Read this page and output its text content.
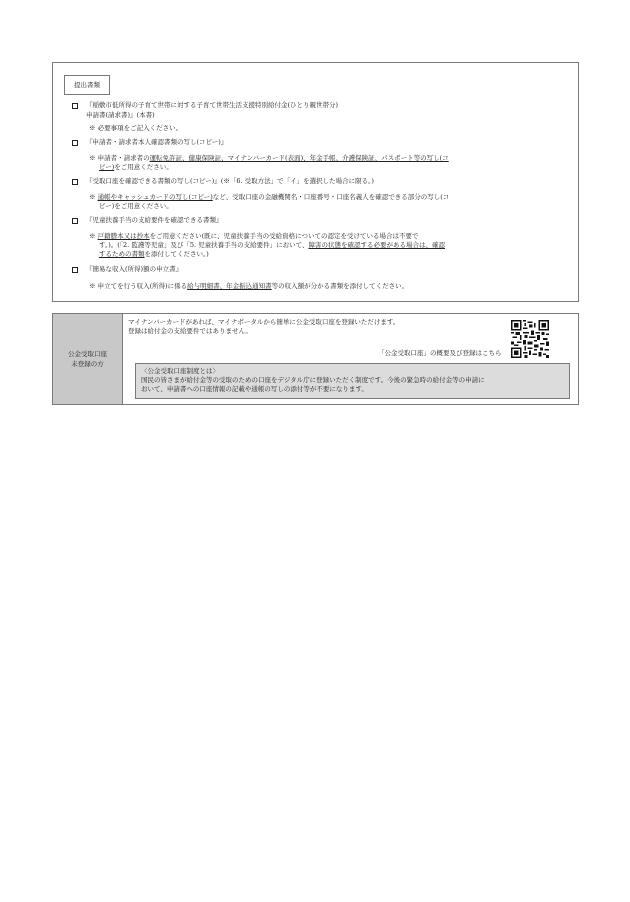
提出書類
『稲敷市低所得の子育て世帯に対する子育て世帯生活支援特別給付金(ひとり親世帯分)
申請書(請求書)』(本書)
※ 必要事項をご記入ください。
『申請者・請求者本人確認書類の写し(コピー)』
※ 申請者・請求者の運転免許証、健康保険証、マイナンバーカード(表面)、年金手帳、介護保険証、パスポート等の写し(コ
ピー)をご用意ください。
『受取口座を確認できる書類の写し(コピー)』(※「6. 受取方法」で「イ」を選択した場合に限る。)
※ 通帳やキャッシュカードの写し(コピー)など、受取口座の金融機関名・口座番号・口座名義人を確認できる部分の写し(コ
ピー)をご用意ください。
『児童扶養手当の支給要件を確認できる書類』
※ 戸籍謄本又は抄本をご用意ください(既に、児童扶養手当の受給資格についての認定を受けている場合は不要で
す。)。(「2. 監護等児童」及び「5. 児童扶養手当の支給要件」において、障害の状態を確認する必要がある場合は、確認
するための書類を添付してください。)
『簡易な収入(所得)額の申立書』
※ 申立てを行う収入(所得)に係る給与明細書、年金振込通知書等の収入額が分かる書類を添付してください。
公金受取口座
未登録の方
マイナンバーカードがあれば、マイナポータルから簡単に公金受取口座を登録いただけます。
登録は給付金の支給要件ではありません。
「公金受取口座」の概要及び登録はこちら
〈公金受取口座制度とは〉
国民の皆さまが給付金等の受取のための口座をデジタル庁に登録いただく制度です。今後の緊急時の給付金等の申請に
おいて、申請書への口座情報の記載や通帳の写しの添付等が不要になります。
